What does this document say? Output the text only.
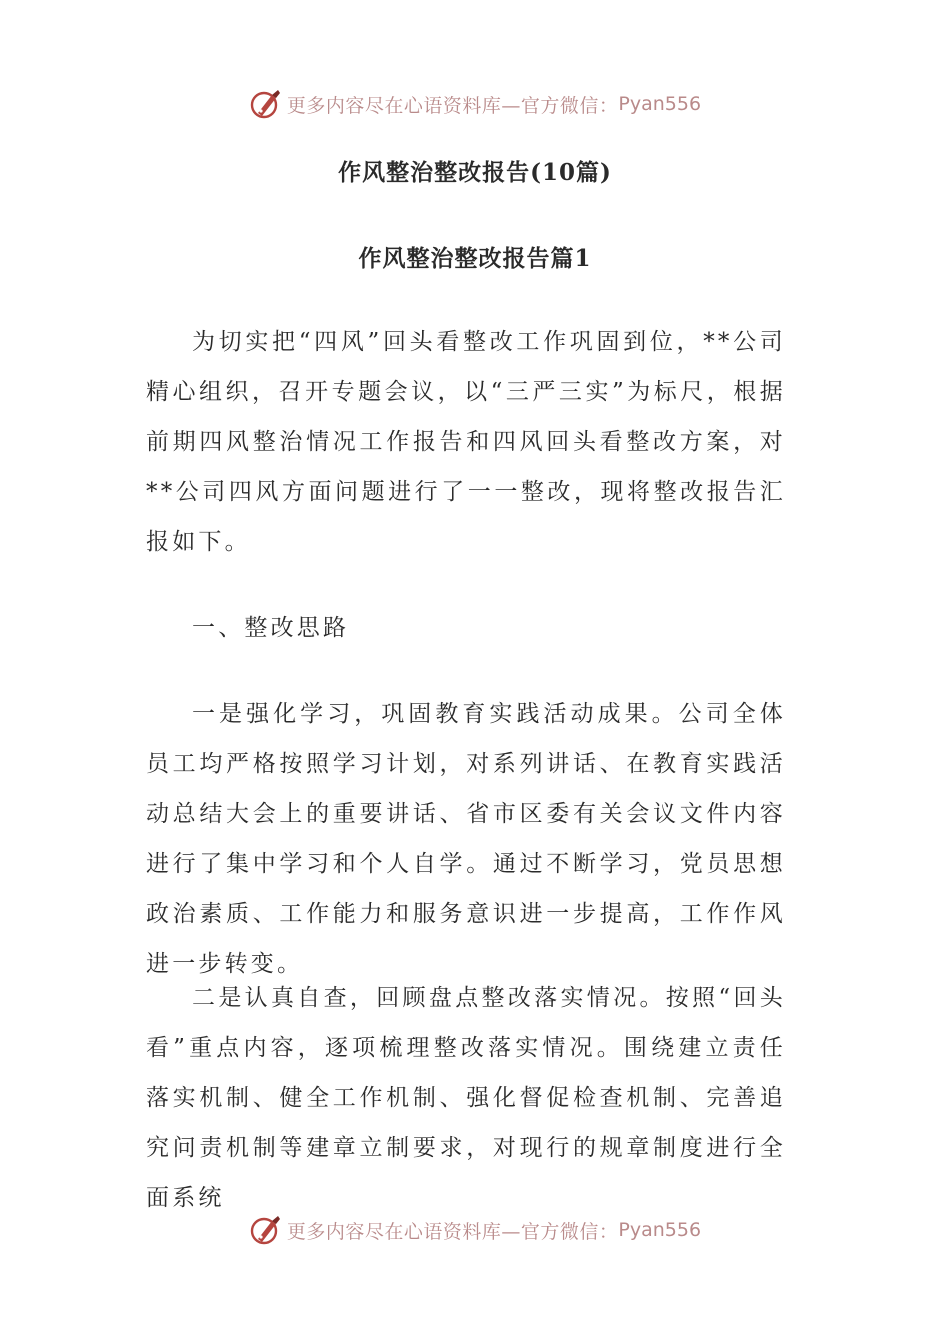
更多内容尽在心语资料库—官方微信： Pyan556
作风整治整改报告(10篇)
作风整治整改报告篇1

为切实把“四风”回头看整改工作巩固到位，**公司精心组织，召开专题会议，以“三严三实”为标尺，根据前期四风整治情况工作报告和四风回头看整改方案，对**公司四风方面问题进行了一一整改，现将整改报告汇报如下。

一、整改思路

一是强化学习，巩固教育实践活动成果。公司全体员工均严格按照学习计划，对系列讲话、在教育实践活动总结大会上的重要讲话、省市区委有关会议文件内容进行了集中学习和个人自学。通过不断学习，党员思想政治素质、工作能力和服务意识进一步提高，工作作风进一步转变。

二是认真自查，回顾盘点整改落实情况。按照“回头看”重点内容，逐项梳理整改落实情况。围绕建立责任落实机制、健全工作机制、强化督促检查机制、完善追究问责机制等建章立制要求，对现行的规章制度进行全面系统

更多内容尽在心语资料库—官方微信： Pyan556
